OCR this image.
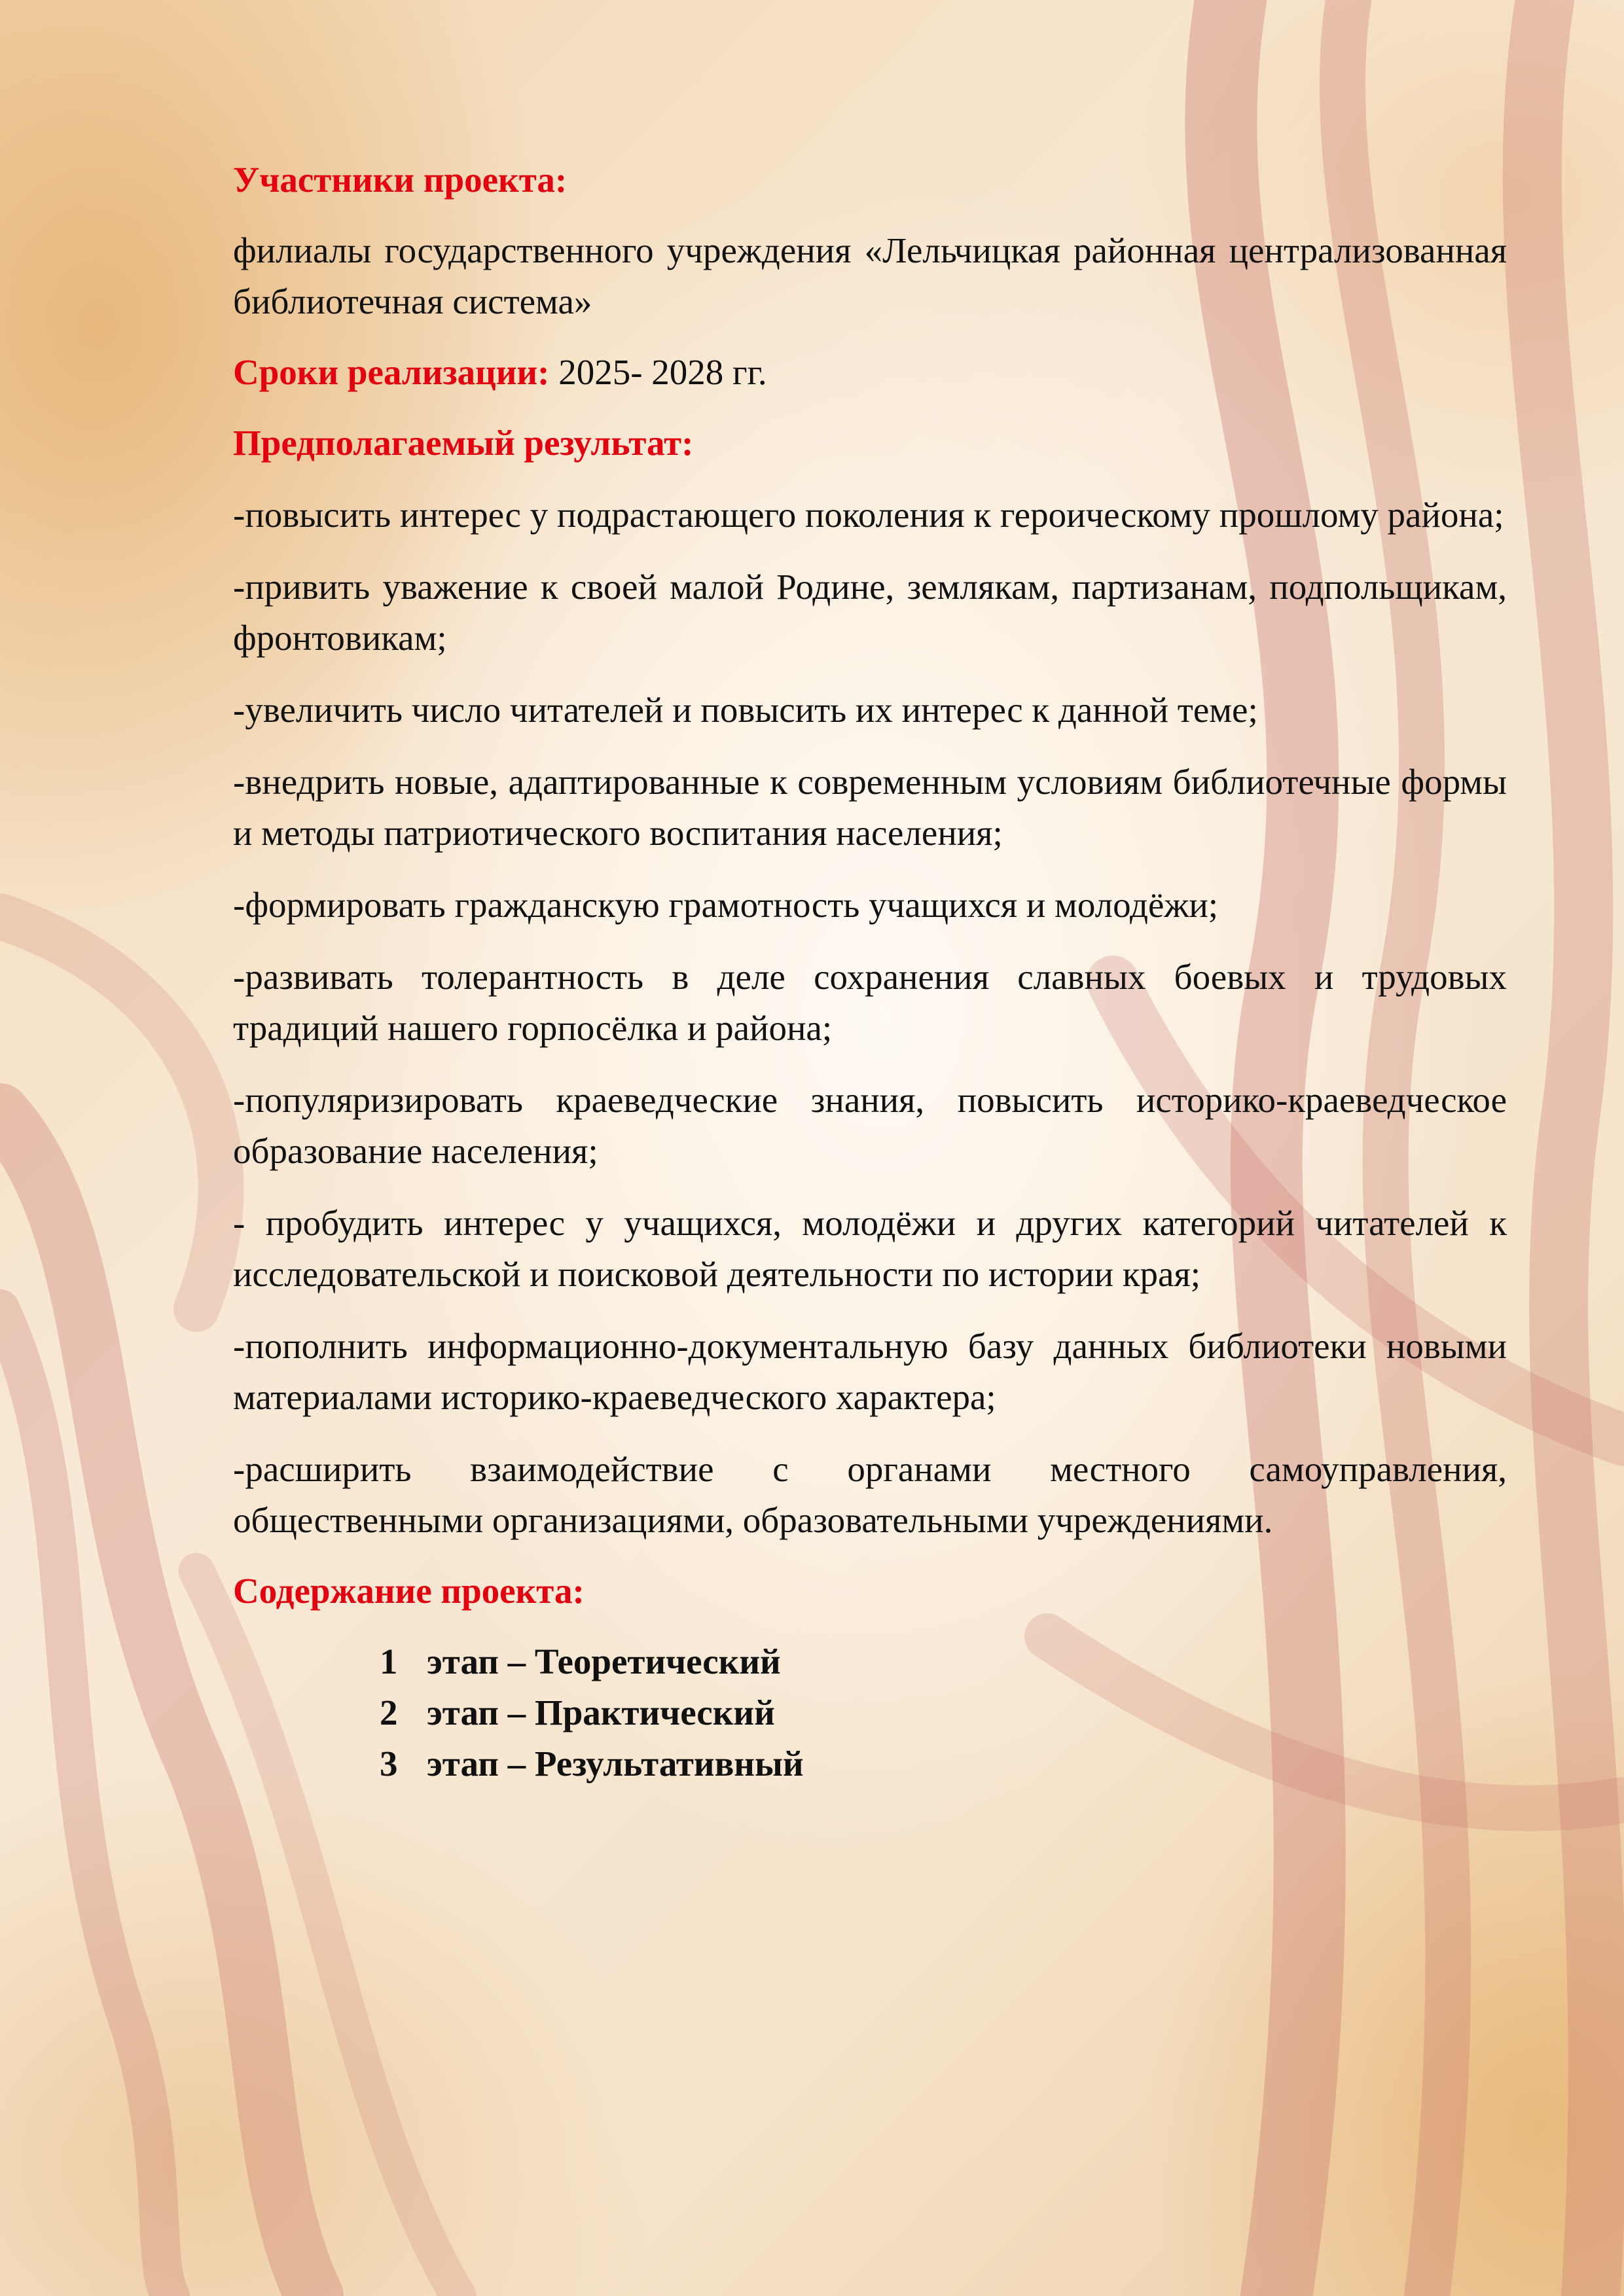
Участники проекта:

филиалы государственного учреждения «Лельчицкая районная централизованная библиотечная система»

Сроки реализации: 2025- 2028 гг.

Предполагаемый результат:

-повысить интерес у подрастающего поколения к героическому прошлому района;

-привить уважение к своей малой Родине, землякам, партизанам, подпольщикам, фронтовикам;

-увеличить число читателей и повысить их интерес к данной теме;

-внедрить новые, адаптированные к современным условиям библиотечные формы и методы патриотического воспитания населения;

-формировать гражданскую грамотность учащихся и молодёжи;

-развивать толерантность в деле сохранения славных боевых и трудовых традиций нашего горпосёлка и района;

-популяризировать краеведческие знания, повысить историко-краеведческое образование населения;

- пробудить интерес у учащихся, молодёжи и других категорий читателей к исследовательской и поисковой деятельности по истории края;

-пополнить информационно-документальную базу данных библиотеки новыми материалами историко-краеведческого характера;

-расширить взаимодействие с органами местного самоуправления, общественными организациями, образовательными учреждениями.

Содержание проекта:

1 этап – Теоретический
2 этап – Практический
3 этап – Результативный
